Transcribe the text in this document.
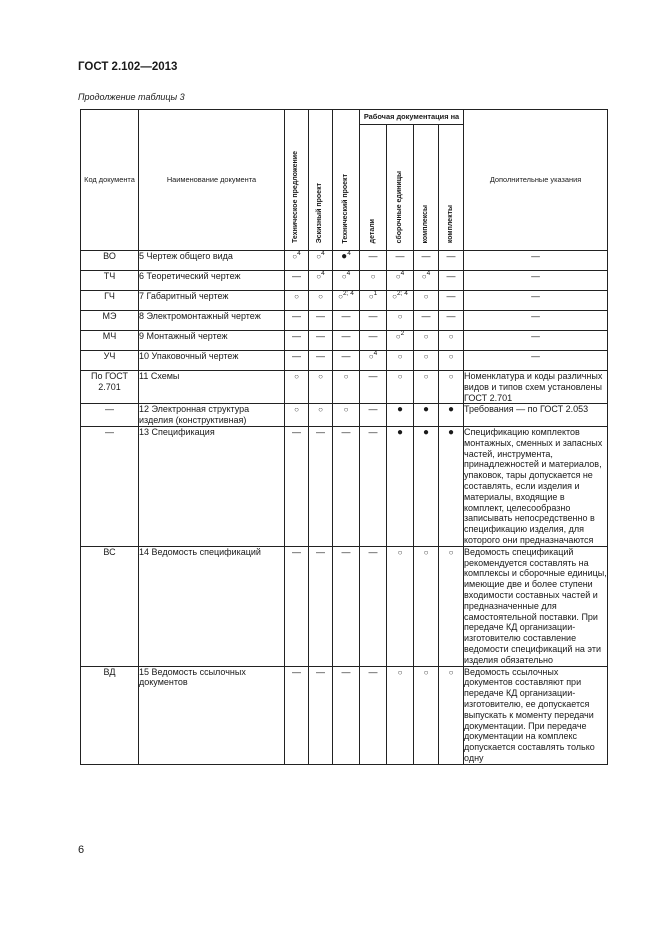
ГОСТ 2.102—2013
Продолжение таблицы 3
Код документа	Наименование документа	Техническое предложение	Эскизный проект	Технический проект	Рабочая документация на				Дополнительные указания
					детали	сборочные единицы	комплексы	комплекты	
ВО	5 Чертеж общего вида	○$^4$	○$^4$	●$^4$	—	—	—	—	—
ТЧ	6 Теоретический чертеж	—	○$^4$	○$^4$	○	○$^4$	○$^4$	—	—
ГЧ	7 Габаритный чертеж	○	○	○$^{2; 4}$	○$^1$	○$^{2; 4}$	○	—	—
МЭ	8 Электромонтажный чертеж	—	—	—	—	○	—	—	—
МЧ	9 Монтажный чертеж	—	—	—	—	○$^2$	○	○	—
УЧ	10 Упаковочный чертеж	—	—	—	○$^4$	○	○	○	—
По ГОСТ 2.701	11 Схемы	○	○	○	—	○	○	○	Номенклатура и коды различных видов и типов схем установлены ГОСТ 2.701
—	12 Электронная структура изделия (конструктивная)	○	○	○	—	●	●	●	Требования — по ГОСТ 2.053
—	13 Спецификация	—	—	—	—	●	●	●	Спецификацию комплектов монтажных, сменных и запасных частей, инструмента, принадлежностей и материалов, упаковок, тары допускается не составлять, если изделия и материалы, входящие в комплект, целесообразно записывать непосредственно в спецификацию изделия, для которого они предназначаются
ВС	14 Ведомость спецификаций	—	—	—	—	○	○	○	Ведомость спецификаций рекомендуется составлять на комплексы и сборочные единицы, имеющие две и более ступени входимости составных частей и предназначенные для самостоятельной поставки. При передаче КД организации-изготовителю составление ведомости спецификаций на эти изделия обязательно
ВД	15 Ведомость ссылочных документов	—	—	—	—	○	○	○	Ведомость ссылочных документов составляют при передаче КД организации-изготовителю, ее допускается выпускать к моменту передачи документации. При передаче документации на комплекс допускается составлять только одну
6
